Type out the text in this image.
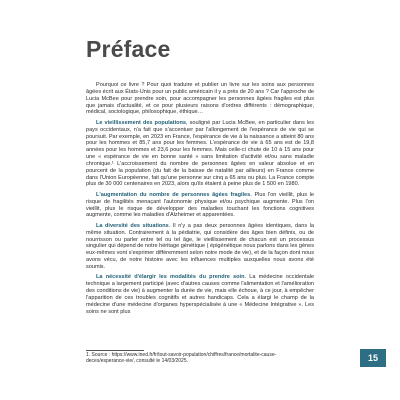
Préface

Pourquoi ce livre ? Pour quoi traduire et publier un livre sur les soins aux personnes âgées écrit aux États-Unis pour un public américain il y a près de 20 ans ? Car l'approche de Lucia McBee pour prendre soin, pour accompagner les personnes âgées fragiles est plus que jamais d'actualité, et ce pour plusieurs raisons d'ordres différents : démographique, médical, sociologique, philosophique, éthique…

Le vieillissement des populations, souligné par Lucia McBee, en particulier dans les pays occidentaux, n'a fait que s'accentuer par l'allongement de l'espérance de vie qui se poursuit. Par exemple, en 2023 en France, l'espérance de vie à la naissance a atteint 80 ans pour les hommes et 85,7 ans pour les femmes. L'espérance de vie à 65 ans est de 19,8 années pour les hommes et 23,6 pour les femmes. Mais celle-ci chute de 10 à 15 ans pour une « espérance de vie en bonne santé » sans limitation d'activité et/ou sans maladie chronique.¹ L'accroissement du nombre de personnes âgées en valeur absolue et en pourcent de la population (du fait de la baisse de natalité par ailleurs) en France comme dans l'Union Européenne, fait qu'une personne sur cinq a 65 ans ou plus. La France compte plus de 30 000 centenaires en 2023, alors qu'ils étaient à peine plus de 1 500 en 1980.

L'augmentation du nombre de personnes âgées fragiles. Plus l'on vieillit, plus le risque de fragilités menaçant l'autonomie physique et/ou psychique augmente. Plus l'on vieillit, plus le risque de développer des maladies touchant les fonctions cognitives augmente, comme les maladies d'Alzheimer et apparentées.

La diversité des situations. Il n'y a pas deux personnes âgées identiques, dans la même situation. Contrairement à la pédiatrie, qui considère des âges bien définis, ou de nourrisson ou parler entre tel ou tel âge, le vieillissement de chacun est un processus singulier qui dépend de notre héritage génétique ( épigénétique nous parlons dans les gènes eux-mêmes vont s'exprimer différemment selon notre mode de vie), et de la façon dont nous avons vécu, de notre histoire avec les influences multiples auxquelles nous avons été soumis.

La nécessité d'élargir les modalités du prendre soin. La médecine occidentale technique a largement participé (avec d'autres causes comme l'alimentation et l'amélioration des conditions de vie) à augmenter la durée de vie, mais elle échoue, à ce jour, à empêcher l'apparition de ces troubles cognitifs et autres handicaps. Cela a élargi le champ de la médecine d'une médecine d'organes hyperspécialisée à une « Médecine Intégrative ». Les soins ne sont plus

1. Source : https://www.ined.fr/fr/tout-savoir-population/chiffres/france/mortalite-cause-deces/esperance-vie/, consulté le 14/03/2025.	15
